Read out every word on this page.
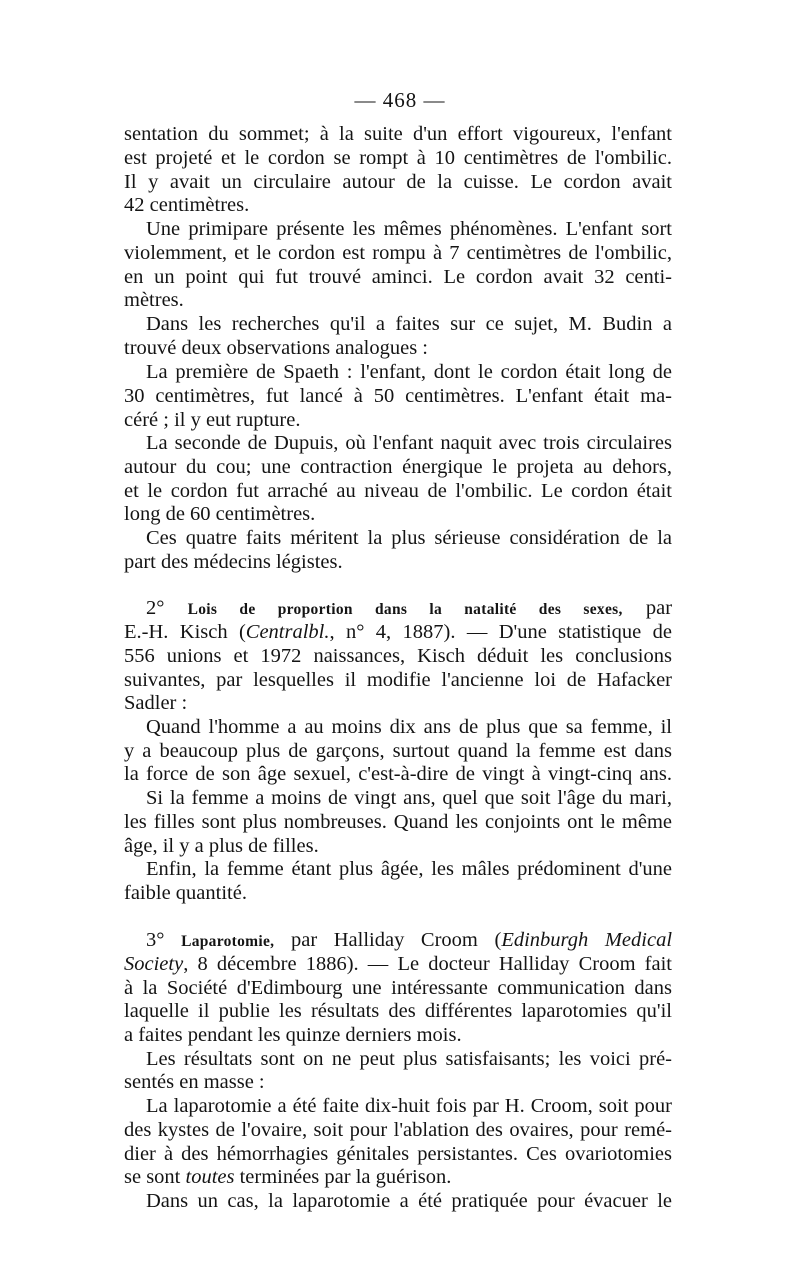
— 468 —
sentation du sommet; à la suite d'un effort vigoureux, l'enfant
est projeté et le cordon se rompt à 10 centimètres de l'ombilic.
Il y avait un circulaire autour de la cuisse. Le cordon avait
42 centimètres.
Une primipare présente les mêmes phénomènes. L'enfant sort
violemment, et le cordon est rompu à 7 centimètres de l'ombilic,
en un point qui fut trouvé aminci. Le cordon avait 32 centi-
mètres.
Dans les recherches qu'il a faites sur ce sujet, M. Budin a
trouvé deux observations analogues :
La première de Spaeth : l'enfant, dont le cordon était long de
30 centimètres, fut lancé à 50 centimètres. L'enfant était ma-
céré ; il y eut rupture.
La seconde de Dupuis, où l'enfant naquit avec trois circulaires
autour du cou; une contraction énergique le projeta au dehors,
et le cordon fut arraché au niveau de l'ombilic. Le cordon était
long de 60 centimètres.
Ces quatre faits méritent la plus sérieuse considération de la
part des médecins légistes.
2° Lois de proportion dans la natalité des sexes, par
E.-H. Kisch (Centralbl., n° 4, 1887). — D'une statistique de
556 unions et 1972 naissances, Kisch déduit les conclusions
suivantes, par lesquelles il modifie l'ancienne loi de Hafacker
Sadler :
Quand l'homme a au moins dix ans de plus que sa femme, il
y a beaucoup plus de garçons, surtout quand la femme est dans
la force de son âge sexuel, c'est-à-dire de vingt à vingt-cinq ans.
Si la femme a moins de vingt ans, quel que soit l'âge du mari,
les filles sont plus nombreuses. Quand les conjoints ont le même
âge, il y a plus de filles.
Enfin, la femme étant plus âgée, les mâles prédominent d'une
faible quantité.
3° Laparotomie, par Halliday Croom (Edinburgh Medical
Society, 8 décembre 1886). — Le docteur Halliday Croom fait
à la Société d'Edimbourg une intéressante communication dans
laquelle il publie les résultats des différentes laparotomies qu'il
a faites pendant les quinze derniers mois.
Les résultats sont on ne peut plus satisfaisants; les voici pré-
sentés en masse :
La laparotomie a été faite dix-huit fois par H. Croom, soit pour
des kystes de l'ovaire, soit pour l'ablation des ovaires, pour remé-
dier à des hémorrhagies génitales persistantes. Ces ovariotomies
se sont toutes terminées par la guérison.
Dans un cas, la laparotomie a été pratiquée pour évacuer le
